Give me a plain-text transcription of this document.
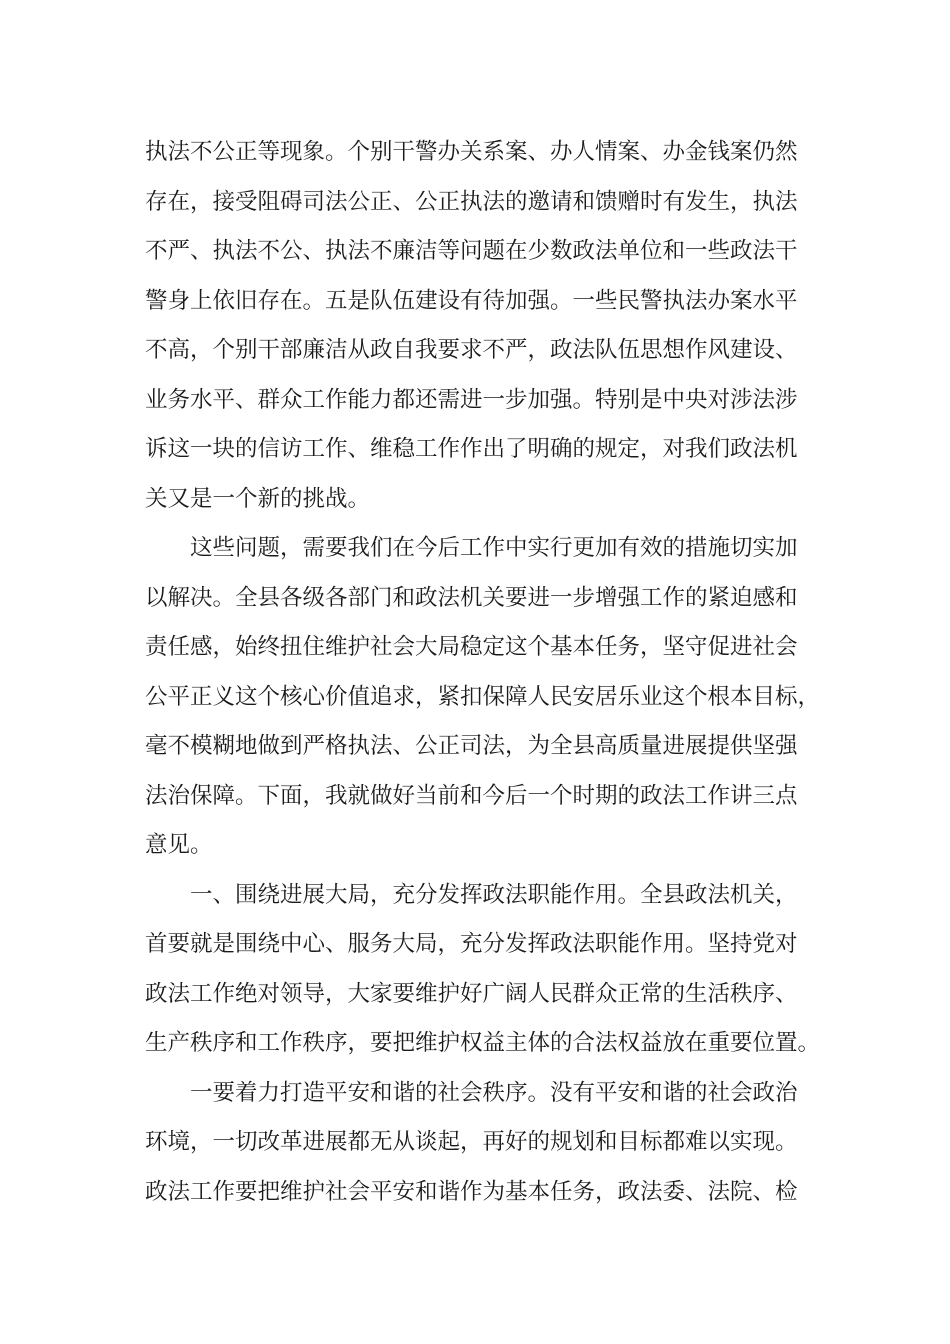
执法不公正等现象。个别干警办关系案、办人情案、办金钱案仍然
存在，接受阻碍司法公正、公正执法的邀请和馈赠时有发生，执法
不严、执法不公、执法不廉洁等问题在少数政法单位和一些政法干
警身上依旧存在。五是队伍建设有待加强。一些民警执法办案水平
不高，个别干部廉洁从政自我要求不严，政法队伍思想作风建设、
业务水平、群众工作能力都还需进一步加强。特别是中央对涉法涉
诉这一块的信访工作、维稳工作作出了明确的规定，对我们政法机
关又是一个新的挑战。
这些问题，需要我们在今后工作中实行更加有效的措施切实加
以解决。全县各级各部门和政法机关要进一步增强工作的紧迫感和
责任感，始终扭住维护社会大局稳定这个基本任务，坚守促进社会
公平正义这个核心价值追求，紧扣保障人民安居乐业这个根本目标，
毫不模糊地做到严格执法、公正司法，为全县高质量进展提供坚强
法治保障。下面，我就做好当前和今后一个时期的政法工作讲三点
意见。
一、围绕进展大局，充分发挥政法职能作用。全县政法机关，
首要就是围绕中心、服务大局，充分发挥政法职能作用。坚持党对
政法工作绝对领导，大家要维护好广阔人民群众正常的生活秩序、
生产秩序和工作秩序，要把维护权益主体的合法权益放在重要位置。
一要着力打造平安和谐的社会秩序。没有平安和谐的社会政治
环境，一切改革进展都无从谈起，再好的规划和目标都难以实现。
政法工作要把维护社会平安和谐作为基本任务，政法委、法院、检
